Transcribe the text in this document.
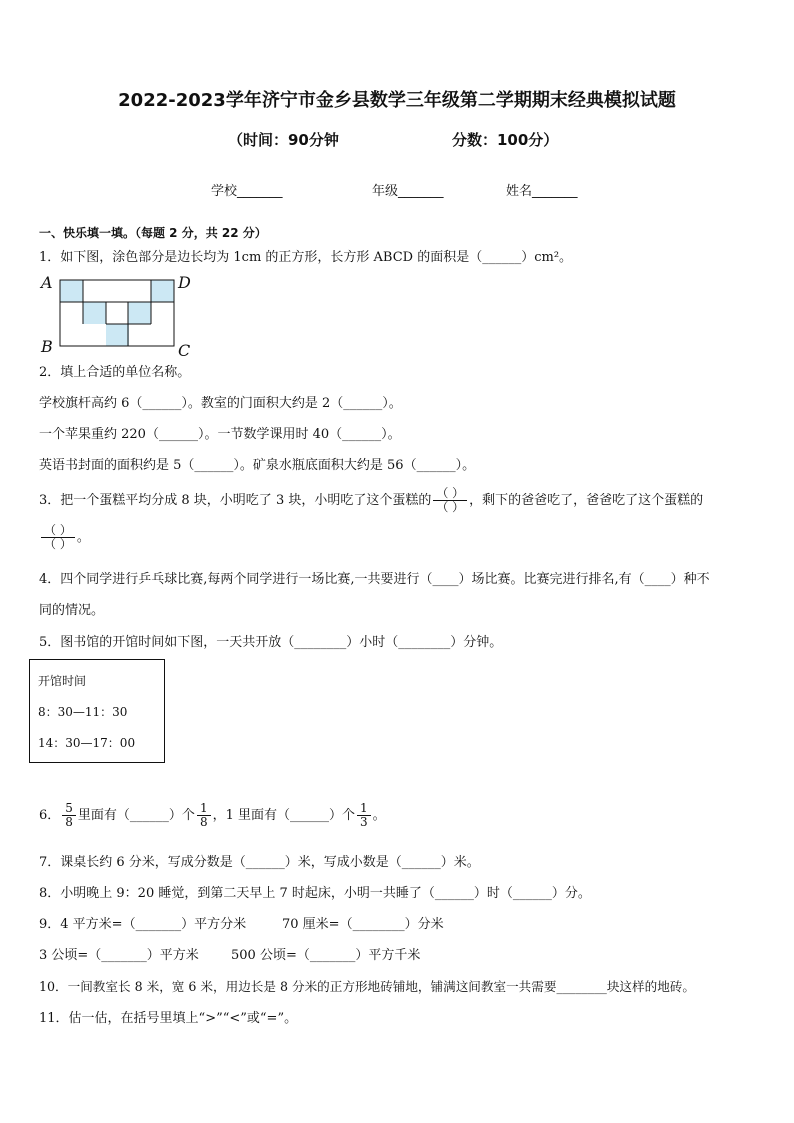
2022-2023学年济宁市金乡县数学三年级第二学期期末经典模拟试题
（时间：90分钟	分数：100分）
学校_______	年级_______	姓名_______
一、快乐填一填。（每题 2 分，共 22 分）
1．如下图，涂色部分是边长均为 1cm 的正方形，长方形 ABCD 的面积是（______）cm²。
A	D
B	C
2．填上合适的单位名称。
学校旗杆高约 6（______）。教室的门面积大约是 2（______）。
一个苹果重约 220（______）。一节数学课用时 40（______）。
英语书封面的面积约是 5（______）。矿泉水瓶底面积大约是 56（______）。
3．把一个蛋糕平均分成 8 块，小明吃了 3 块，小明吃了这个蛋糕的 $\frac{( )}{( )}$ ，剩下的爸爸吃了，爸爸吃了这个蛋糕的
$\frac{( )}{( )}$ 。
4．四个同学进行乒乓球比赛,每两个同学进行一场比赛,一共要进行（____）场比赛。比赛完进行排名,有（____）种不
同的情况。
5．图书馆的开馆时间如下图，一天共开放（________）小时（________）分钟。
开馆时间
8：30—11：30
14：30—17：00
6． $\frac{5}{8}$ 里面有（______）个 $\frac{1}{8}$ ，1 里面有（______）个 $\frac{1}{3}$ 。
7．课桌长约 6 分米，写成分数是（______）米，写成小数是（______）米。
8．小明晚上 9：20 睡觉，到第二天早上 7 时起床，小明一共睡了（______）时（______）分。
9．4 平方米=（_______）平方分米	70 厘米=（________）分米
3 公顷=（_______）平方米 500 公顷=（_______）平方千米
10．一间教室长 8 米，宽 6 米，用边长是 8 分米的正方形地砖铺地，铺满这间教室一共需要________块这样的地砖。
11．估一估，在括号里填上“>”“<”或“=”。
